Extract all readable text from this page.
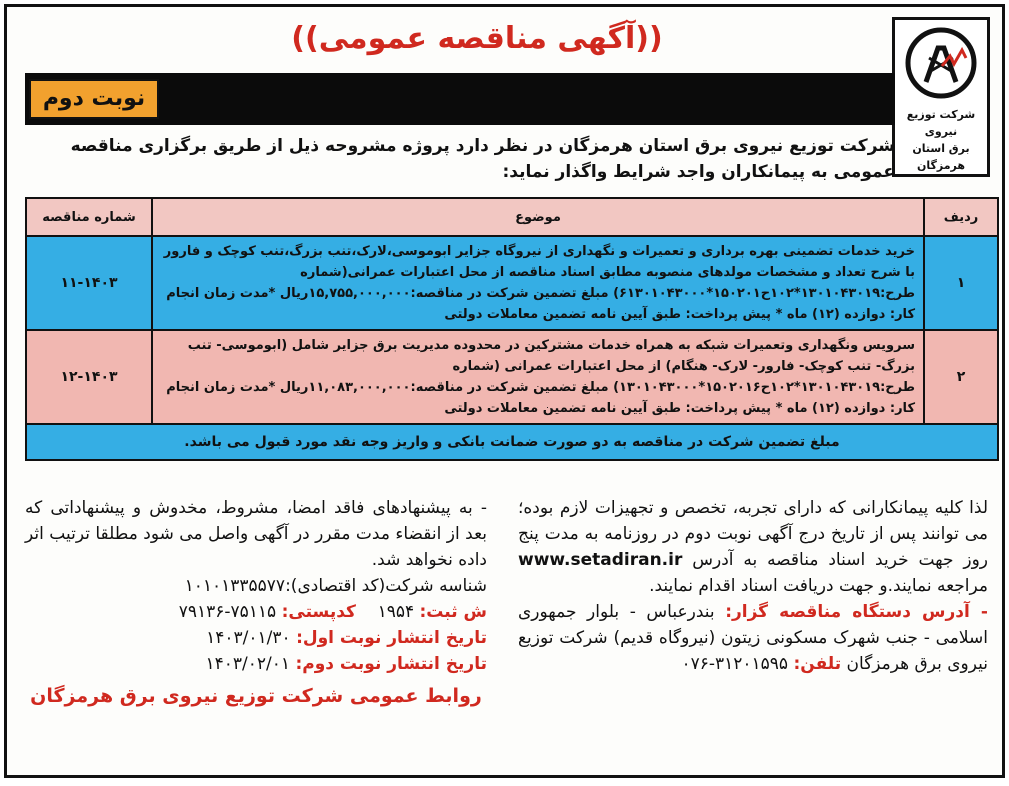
شرکت توزیع نیروی
برق استان هرمزگان
((آگهی مناقصه عمومی))
نوبت دوم
شرکت توزیع نیروی برق استان هرمزگان در نظر دارد پروژه مشروحه ذیل از طریق برگزاری مناقصه عمومی به پیمانکاران واجد شرایط واگذار نماید:
ردیف	موضوع	شماره مناقصه
۱	خرید خدمات تضمینی بهره برداری و تعمیرات و نگهداری از نیروگاه جزایر ابوموسی،لارک،تنب بزرگ،تنب کوچک و فارور با شرح تعداد و مشخصات مولدهای منصوبه مطابق اسناد مناقصه از محل اعتبارات عمرانی(شماره طرح:۱۳۰۱۰۴۳۰۱۹*۱۰۲ح۱۵۰۲۰۱*۶۱۳۰۱۰۴۳۰۰۰) مبلغ تضمین شرکت در مناقصه:۱۵,۷۵۵,۰۰۰,۰۰۰ریال *مدت زمان انجام کار: دوازده (۱۲) ماه * پیش پرداخت: طبق آیین نامه تضمین معاملات دولتی	۱۱-۱۴۰۳
۲	سرویس ونگهداری وتعمیرات شبکه به همراه خدمات مشترکین در محدوده مدیریت برق جزایر شامل (ابوموسی- تنب بزرگ- تنب کوچک- فارور- لارک- هنگام) از محل اعتبارات عمرانی (شماره طرح:۱۳۰۱۰۴۳۰۱۹*۱۰۲ح۱۵۰۲۰۱۶*۱۳۰۱۰۴۳۰۰۰) مبلغ تضمین شرکت در مناقصه:۱۱,۰۸۳,۰۰۰,۰۰۰ریال *مدت زمان انجام کار: دوازده (۱۲) ماه * پیش پرداخت: طبق آیین نامه تضمین معاملات دولتی	۱۲-۱۴۰۳
مبلغ تضمین شرکت در مناقصه به دو صورت ضمانت بانکی و واریز وجه نقد مورد قبول می باشد.		
لذا کلیه پیمانکارانی که دارای تجربه، تخصص و تجهیزات لازم بوده؛ می توانند پس از تاریخ درج آگهی نوبت دوم در روزنامه به مدت پنج روز جهت خرید اسناد مناقصه به آدرس www.setadiran.ir مراجعه نمایند.و جهت دریافت اسناد اقدام نمایند.
- آدرس دستگاه مناقصه گزار: بندرعباس - بلوار جمهوری اسلامی - جنب شهرک مسکونی زیتون (نیروگاه قدیم) شرکت توزیع نیروی برق هرمزگان تلفن: ۰۷۶-۳۱۲۰۱۵۹۵
- به پیشنهادهای فاقد امضا، مشروط، مخدوش و پیشنهاداتی که بعد از انقضاء مدت مقرر در آگهی واصل می شود مطلقا ترتیب اثر داده نخواهد شد.
شناسه شرکت(کد اقتصادی):۱۰۱۰۱۳۳۵۵۷۷
ش ثبت: ۱۹۵۴    کدپستی: ۷۹۱۳۶-۷۵۱۱۵
تاریخ انتشار نوبت اول: ۱۴۰۳/۰۱/۳۰
تاریخ انتشار نوبت دوم: ۱۴۰۳/۰۲/۰۱
روابط عمومی شرکت توزیع نیروی برق هرمزگان
